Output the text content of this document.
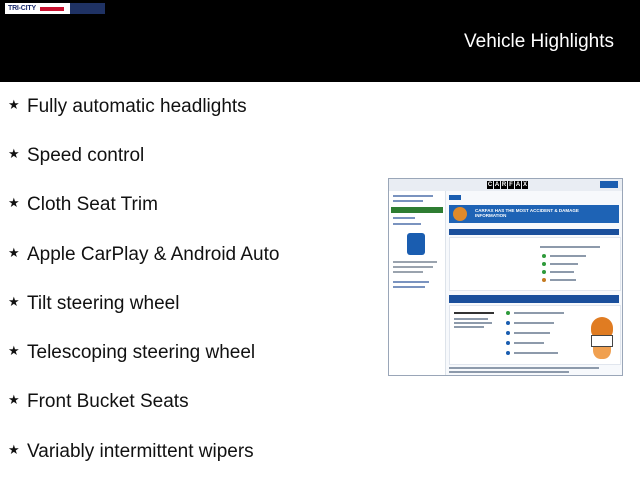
TRI-CITY
Vehicle Highlights
★ Fully automatic headlights
★ Speed control
★ Cloth Seat Trim
★ Apple CarPlay & Android Auto
★ Tilt steering wheel
★ Telescoping steering wheel
★ Front Bucket Seats
★ Variably intermittent wipers
C A R F A X
CARFAX HAS THE MOST ACCIDENT & DAMAGE INFORMATION
